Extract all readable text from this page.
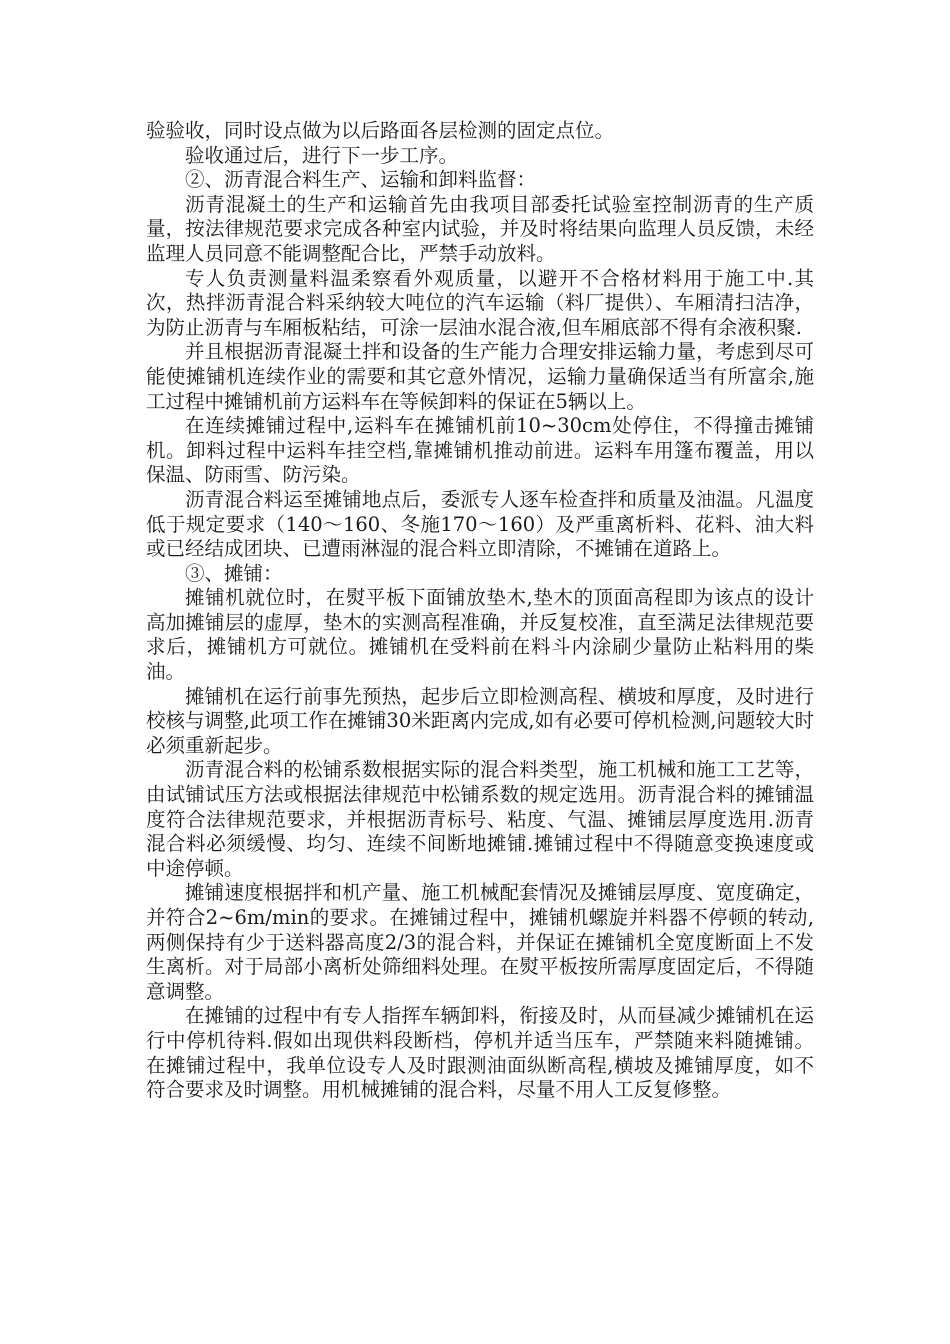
验验收，同时设点做为以后路面各层检测的固定点位。

验收通过后，进行下一步工序。

②、沥青混合料生产、运输和卸料监督：

沥青混凝土的生产和运输首先由我项目部委托试验室控制沥青的生产质量，按法律规范要求完成各种室内试验，并及时将结果向监理人员反馈，未经监理人员同意不能调整配合比，严禁手动放料。

专人负责测量料温柔察看外观质量，以避开不合格材料用于施工中.其次，热拌沥青混合料采纳较大吨位的汽车运输（料厂提供）、车厢清扫洁净，为防止沥青与车厢板粘结，可涂一层油水混合液,但车厢底部不得有余液积聚.

并且根据沥青混凝土拌和设备的生产能力合理安排运输力量，考虑到尽可能使摊铺机连续作业的需要和其它意外情况，运输力量确保适当有所富余,施工过程中摊铺机前方运料车在等候卸料的保证在5辆以上。

在连续摊铺过程中,运料车在摊铺机前10~30cm处停住，不得撞击摊铺机。卸料过程中运料车挂空档,靠摊铺机推动前进。运料车用篷布覆盖，用以保温、防雨雪、防污染。

沥青混合料运至摊铺地点后，委派专人逐车检查拌和质量及油温。凡温度低于规定要求（140～160、冬施170～160）及严重离析料、花料、油大料或已经结成团块、已遭雨淋湿的混合料立即清除，不摊铺在道路上。

③、摊铺：

摊铺机就位时，在熨平板下面铺放垫木,垫木的顶面高程即为该点的设计高加摊铺层的虚厚，垫木的实测高程准确，并反复校准，直至满足法律规范要求后，摊铺机方可就位。摊铺机在受料前在料斗内涂刷少量防止粘料用的柴油。

摊铺机在运行前事先预热，起步后立即检测高程、横坡和厚度，及时进行校核与调整,此项工作在摊铺30米距离内完成,如有必要可停机检测,问题较大时必须重新起步。

沥青混合料的松铺系数根据实际的混合料类型，施工机械和施工工艺等，由试铺试压方法或根据法律规范中松铺系数的规定选用。沥青混合料的摊铺温度符合法律规范要求，并根据沥青标号、粘度、气温、摊铺层厚度选用.沥青混合料必须缓慢、均匀、连续不间断地摊铺.摊铺过程中不得随意变换速度或中途停顿。

摊铺速度根据拌和机产量、施工机械配套情况及摊铺层厚度、宽度确定，并符合2~6m/min的要求。在摊铺过程中，摊铺机螺旋并料器不停顿的转动,两侧保持有少于送料器高度2/3的混合料，并保证在摊铺机全宽度断面上不发生离析。对于局部小离析处筛细料处理。在熨平板按所需厚度固定后，不得随意调整。

在摊铺的过程中有专人指挥车辆卸料，衔接及时，从而昼减少摊铺机在运行中停机待料.假如出现供料段断档，停机并适当压车，严禁随来料随摊铺。在摊铺过程中，我单位设专人及时跟测油面纵断高程,横坡及摊铺厚度，如不符合要求及时调整。用机械摊铺的混合料，尽量不用人工反复修整。
